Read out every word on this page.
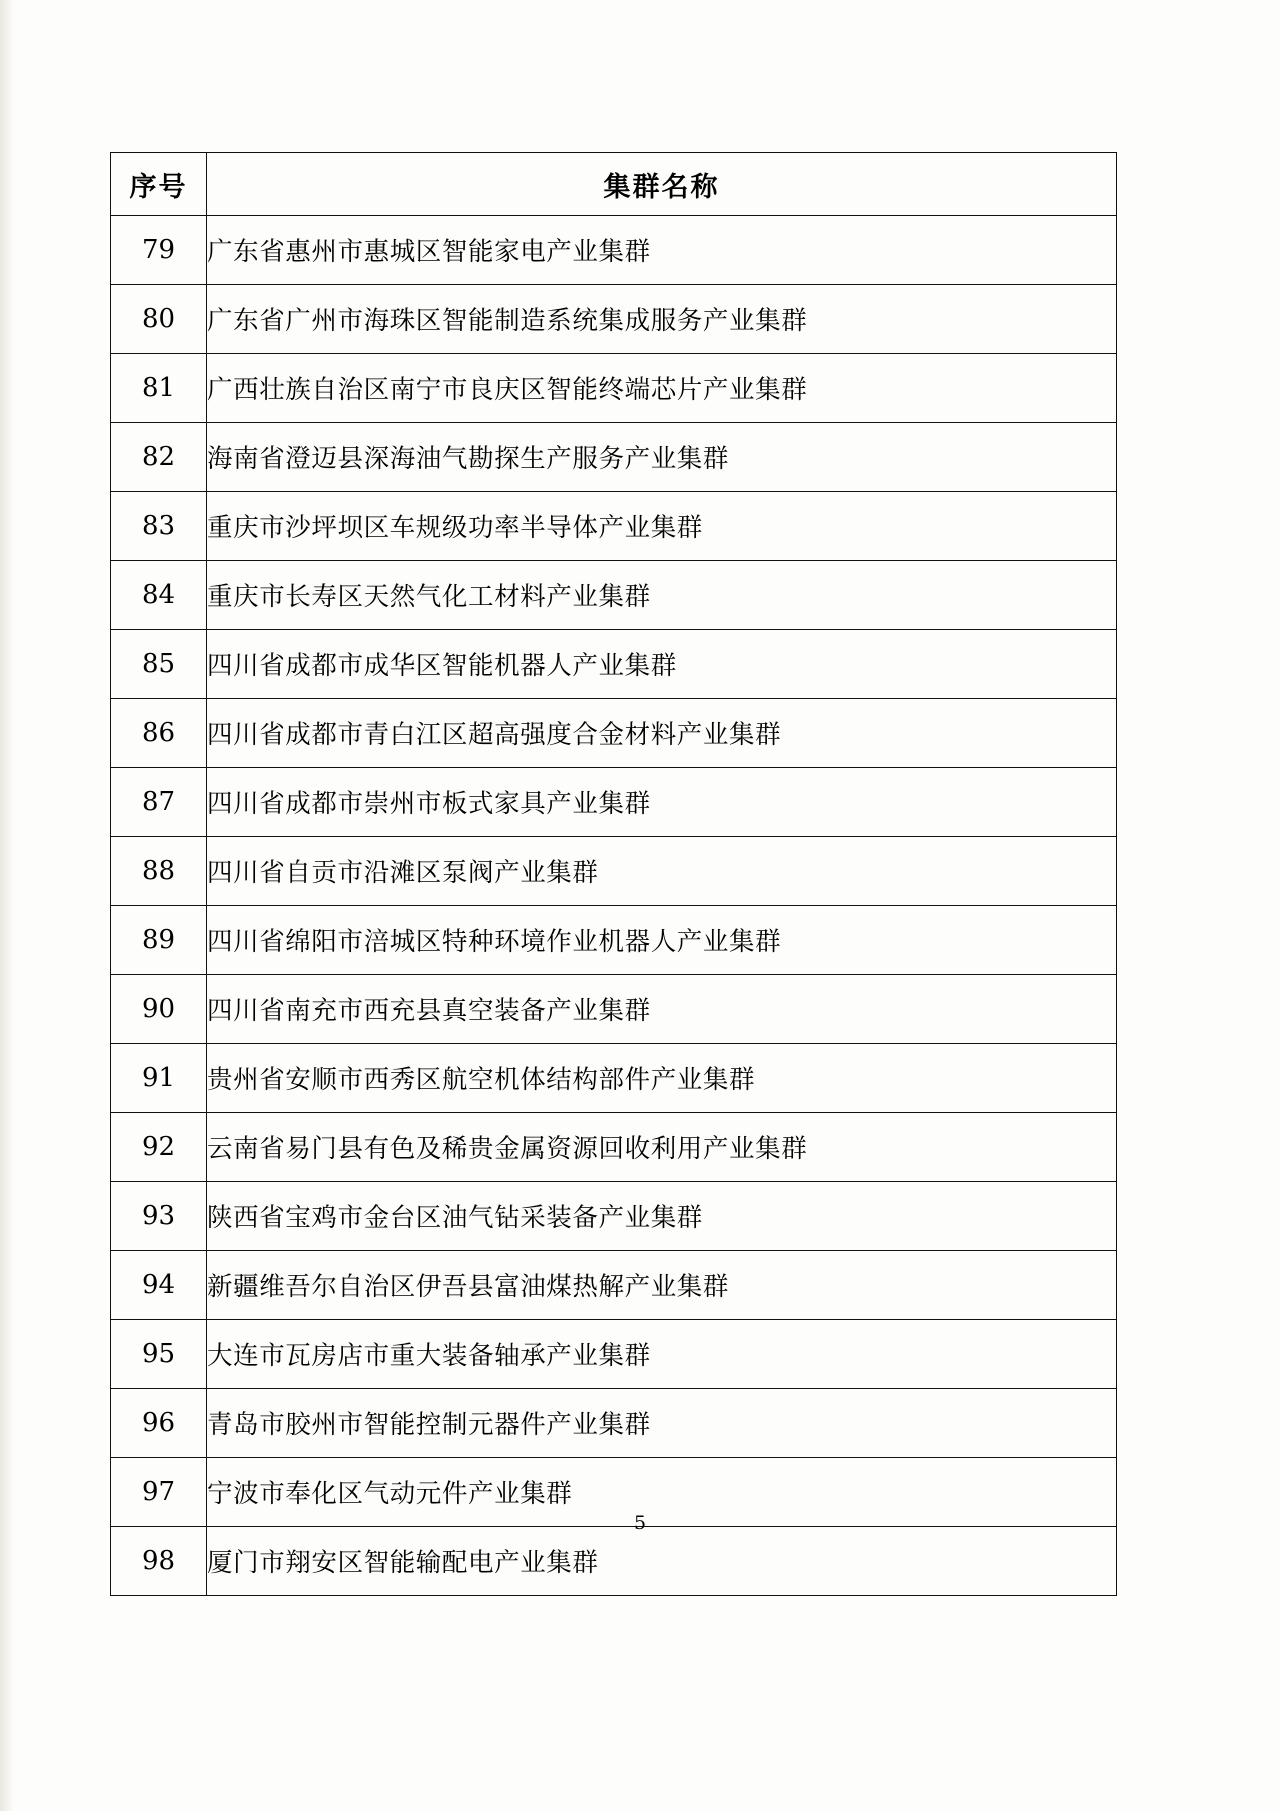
序号	集群名称
79	广东省惠州市惠城区智能家电产业集群
80	广东省广州市海珠区智能制造系统集成服务产业集群
81	广西壮族自治区南宁市良庆区智能终端芯片产业集群
82	海南省澄迈县深海油气勘探生产服务产业集群
83	重庆市沙坪坝区车规级功率半导体产业集群
84	重庆市长寿区天然气化工材料产业集群
85	四川省成都市成华区智能机器人产业集群
86	四川省成都市青白江区超高强度合金材料产业集群
87	四川省成都市崇州市板式家具产业集群
88	四川省自贡市沿滩区泵阀产业集群
89	四川省绵阳市涪城区特种环境作业机器人产业集群
90	四川省南充市西充县真空装备产业集群
91	贵州省安顺市西秀区航空机体结构部件产业集群
92	云南省易门县有色及稀贵金属资源回收利用产业集群
93	陕西省宝鸡市金台区油气钻采装备产业集群
94	新疆维吾尔自治区伊吾县富油煤热解产业集群
95	大连市瓦房店市重大装备轴承产业集群
96	青岛市胶州市智能控制元器件产业集群
97	宁波市奉化区气动元件产业集群
98	厦门市翔安区智能输配电产业集群
5
